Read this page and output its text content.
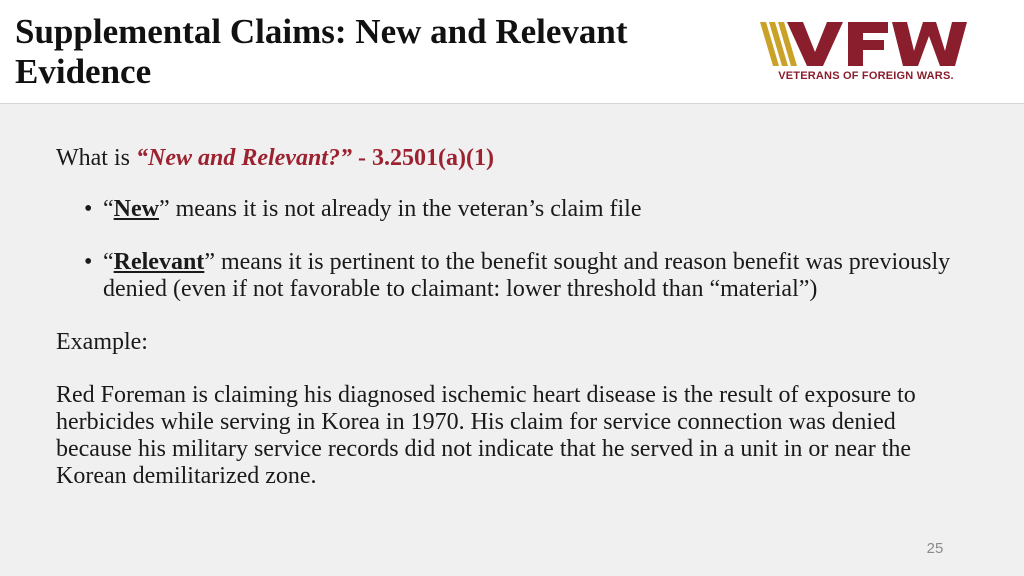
Supplemental Claims: New and Relevant Evidence	VETERANS OF FOREIGN WARS.
What is “New and Relevant?” - 3.2501(a)(1)
• “New” means it is not already in the veteran’s claim file
• “Relevant” means it is pertinent to the benefit sought and reason benefit was previously denied (even if not favorable to claimant: lower threshold than “material”)
Example:
Red Foreman is claiming his diagnosed ischemic heart disease is the result of exposure to herbicides while serving in Korea in 1970. His claim for service connection was denied because his military service records did not indicate that he served in a unit in or near the Korean demilitarized zone.
25
